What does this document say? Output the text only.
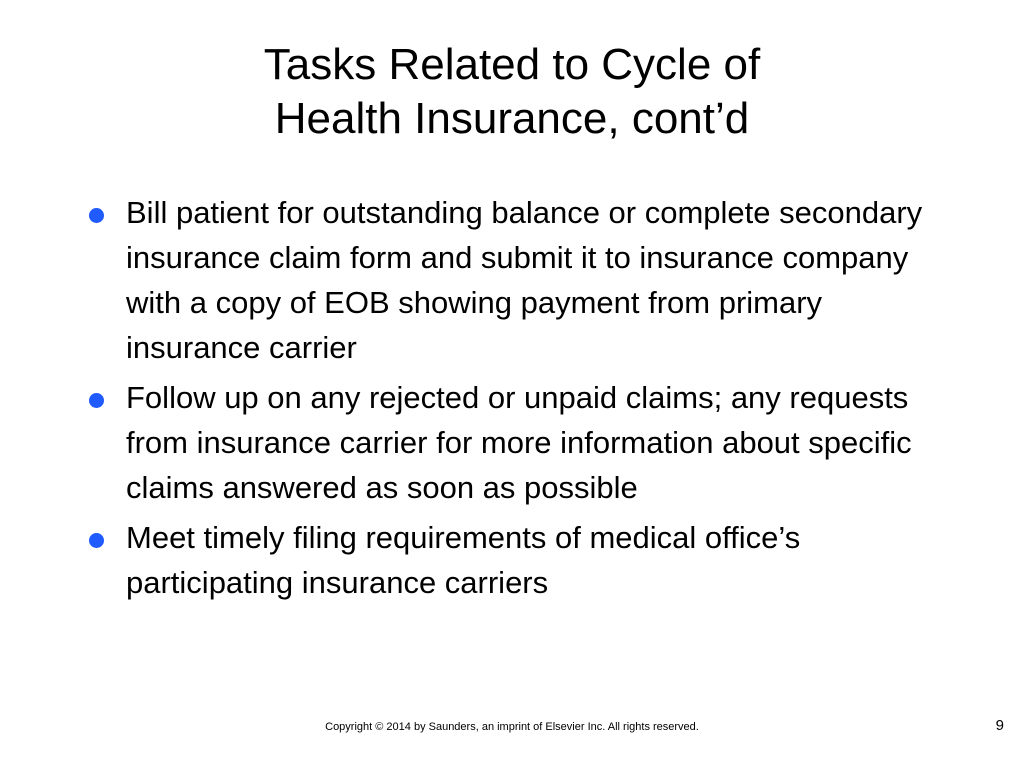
Tasks Related to Cycle of
Health Insurance, cont’d
Bill patient for outstanding balance or complete secondary insurance claim form and submit it to insurance company with a copy of EOB showing payment from primary insurance carrier
Follow up on any rejected or unpaid claims; any requests from insurance carrier for more information about specific claims answered as soon as possible
Meet timely filing requirements of medical office’s participating insurance carriers
Copyright © 2014 by Saunders, an imprint of Elsevier Inc. All rights reserved.	9
